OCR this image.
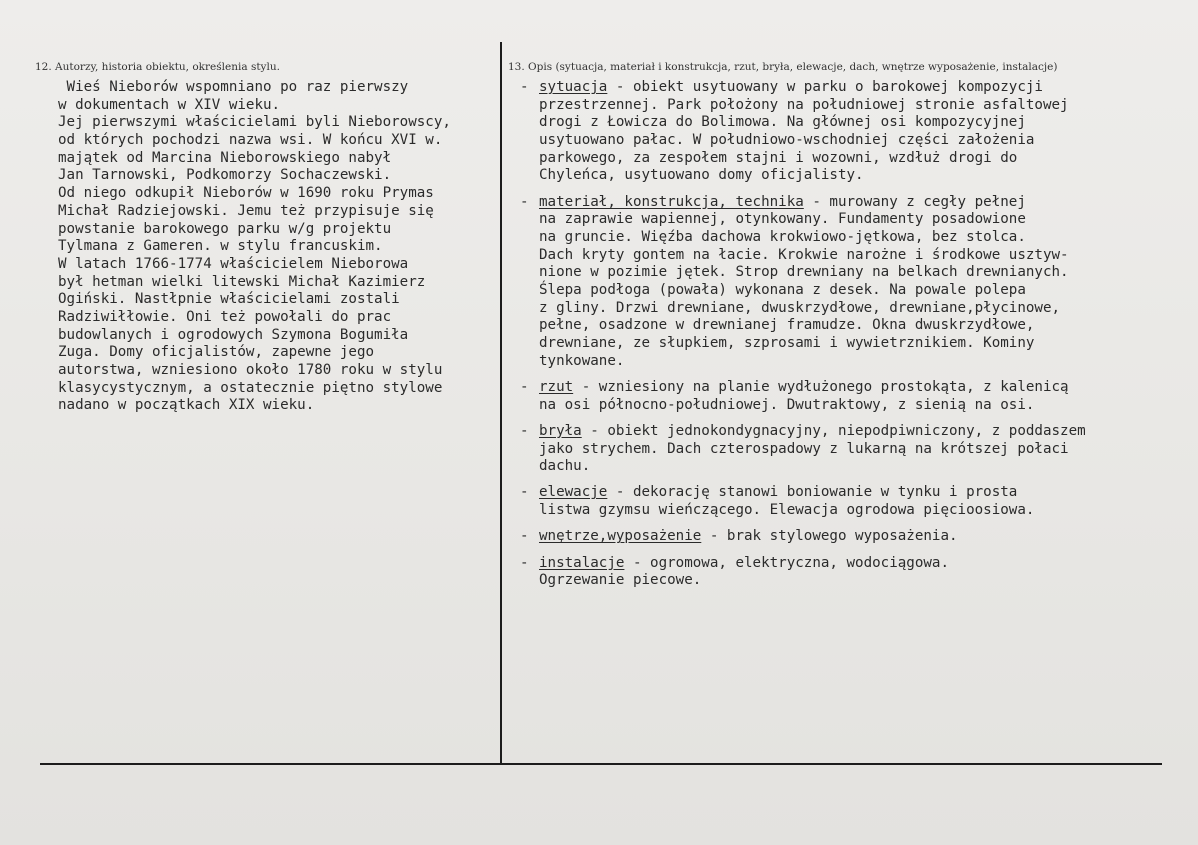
12. Autorzy, historia obiektu, określenia stylu.	13. Opis (sytuacja, materiał i konstrukcja, rzut, bryła, elewacje, dach, wnętrze wyposażenie, instalacje)
Wieś Nieborów wspomniano po raz pierwszy
w dokumentach w XIV wieku.
Jej pierwszymi właścicielami byli Nieborowscy,
od których pochodzi nazwa wsi. W końcu XVI w.
majątek od Marcina Nieborowskiego nabył
Jan Tarnowski, Podkomorzy Sochaczewski.
Od niego odkupił Nieborów w 1690 roku Prymas
Michał Radziejowski. Jemu też przypisuje się
powstanie barokowego parku w/g projektu
Tylmana z Gameren. w stylu francuskim.
W latach 1766-1774 właścicielem Nieborowa
był hetman wielki litewski Michał Kazimierz
Ogiński. Nastłpnie właścicielami zostali
Radziwiłłowie. Oni też powołali do prac
budowlanych i ogrodowych Szymona Bogumiła
Zuga. Domy oficjalistów, zapewne jego
autorstwa, wzniesiono około 1780 roku w stylu
klasycystycznym, a ostatecznie piętno stylowe
nadano w początkach XIX wieku.
- sytuacja - obiekt usytuowany w parku o barokowej kompozycji
przestrzennej. Park położony na południowej stronie asfaltowej
drogi z Łowicza do Bolimowa. Na głównej osi kompozycyjnej
usytuowano pałac. W południowo-wschodniej części założenia
parkowego, za zespołem stajni i wozowni, wzdłuż drogi do
Chyleńca, usytuowano domy oficjalisty.
- materiał, konstrukcja, technika - murowany z cegły pełnej
na zaprawie wapiennej, otynkowany. Fundamenty posadowione
na gruncie. Więźba dachowa krokwiowo-jętkowa, bez stolca.
Dach kryty gontem na łacie. Krokwie narożne i środkowe usztyw-
nione w pozimie jętek. Strop drewniany na belkach drewnianych.
Ślepa podłoga (powała) wykonana z desek. Na powale polepa
z gliny. Drzwi drewniane, dwuskrzydłowe, drewniane,płycinowe,
pełne, osadzone w drewnianej framudze. Okna dwuskrzydłowe,
drewniane, ze słupkiem, szprosami i wywietrznikiem. Kominy
tynkowane.
- rzut - wzniesiony na planie wydłużonego prostokąta, z kalenicą
na osi północno-południowej. Dwutraktowy, z sienią na osi.
- bryła - obiekt jednokondygnacyjny, niepodpiwniczony, z poddaszem
jako strychem. Dach czterospadowy z lukarną na krótszej połaci
dachu.
- elewacje - dekorację stanowi boniowanie w tynku i prosta
listwa gzymsu wieńczącego. Elewacja ogrodowa pięcioosiowa.
- wnętrze,wyposażenie - brak stylowego wyposażenia.
- instalacje - ogromowa, elektryczna, wodociągowa.
Ogrzewanie piecowe.
